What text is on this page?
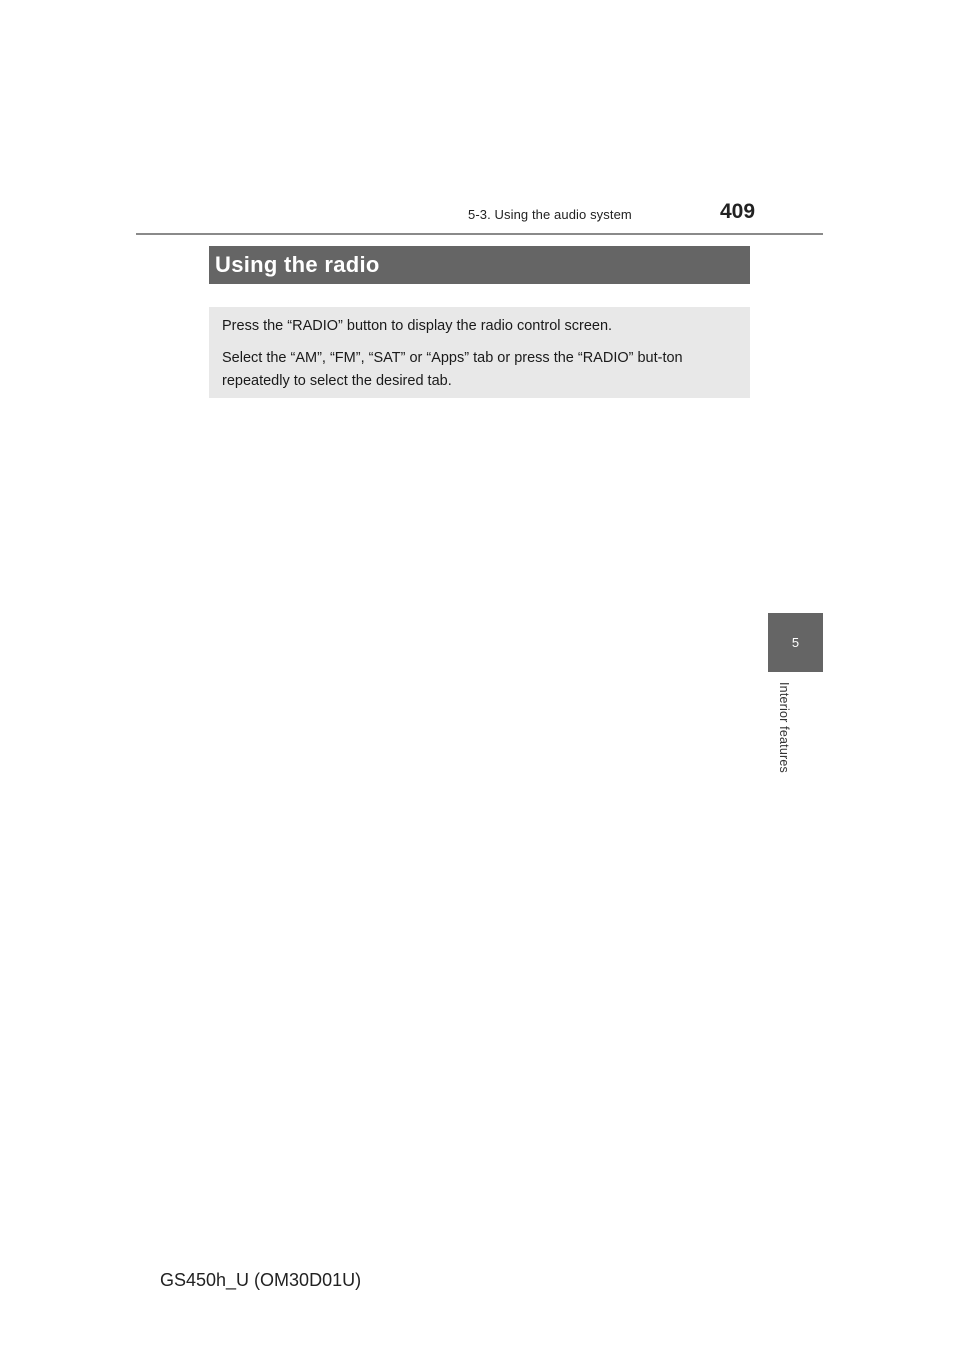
5-3. Using the audio system	409
Using the radio

Press the “RADIO” button to display the radio control screen.

Select the “AM”, “FM”, “SAT” or “Apps” tab or press the “RADIO” but-ton repeatedly to select the desired tab.

5
Interior features
GS450h_U (OM30D01U)
